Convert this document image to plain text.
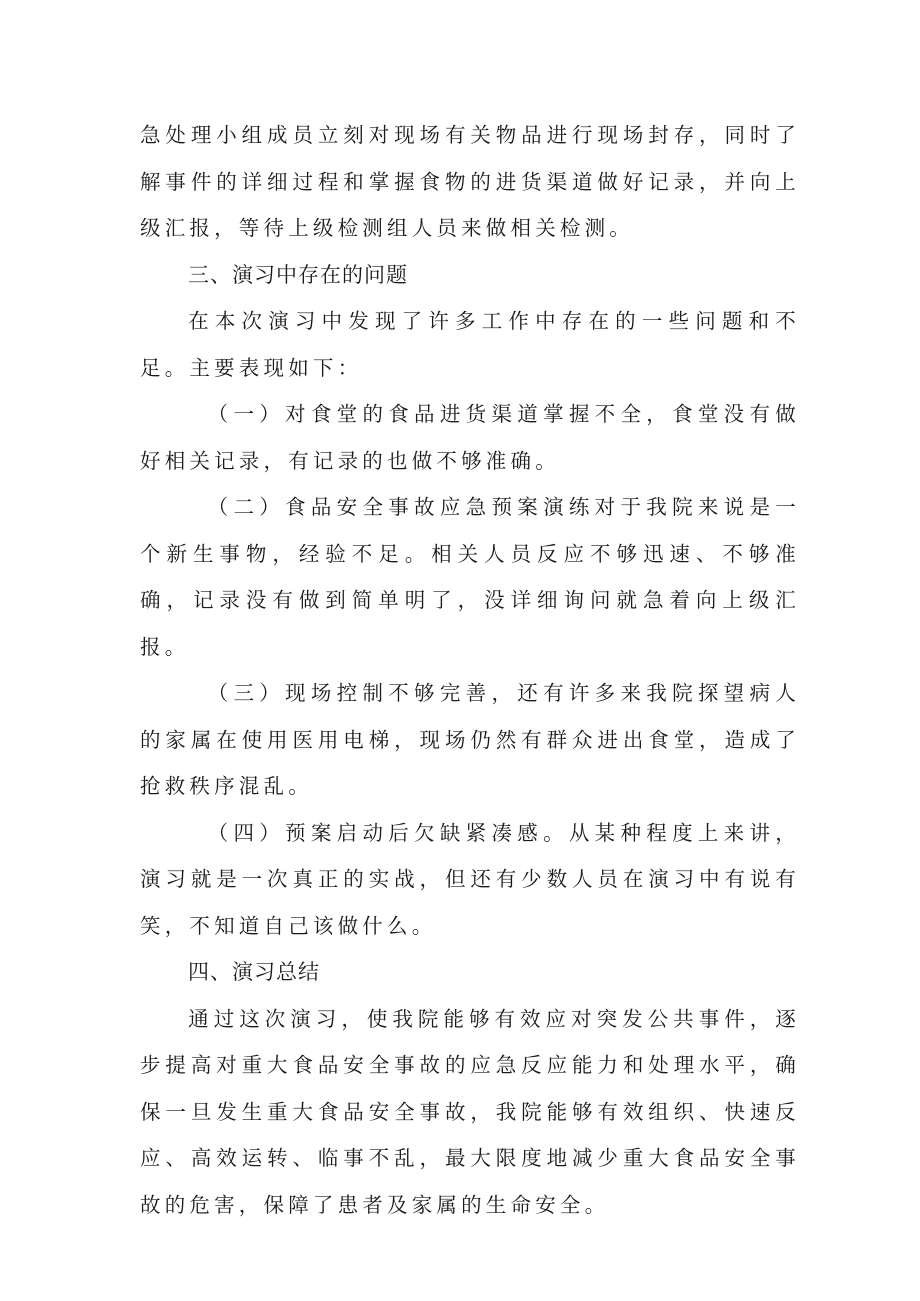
急处理小组成员立刻对现场有关物品进行现场封存，同时了解事件的详细过程和掌握食物的进货渠道做好记录，并向上级汇报，等待上级检测组人员来做相关检测。

三、演习中存在的问题

在本次演习中发现了许多工作中存在的一些问题和不足。主要表现如下：

（一）对食堂的食品进货渠道掌握不全，食堂没有做好相关记录，有记录的也做不够准确。

（二）食品安全事故应急预案演练对于我院来说是一个新生事物，经验不足。相关人员反应不够迅速、不够准确，记录没有做到简单明了，没详细询问就急着向上级汇报。

（三）现场控制不够完善，还有许多来我院探望病人的家属在使用医用电梯，现场仍然有群众进出食堂，造成了抢救秩序混乱。

（四）预案启动后欠缺紧凑感。从某种程度上来讲，演习就是一次真正的实战，但还有少数人员在演习中有说有笑，不知道自己该做什么。

四、演习总结

通过这次演习，使我院能够有效应对突发公共事件，逐步提高对重大食品安全事故的应急反应能力和处理水平，确保一旦发生重大食品安全事故，我院能够有效组织、快速反应、高效运转、临事不乱，最大限度地减少重大食品安全事故的危害，保障了患者及家属的生命安全。
